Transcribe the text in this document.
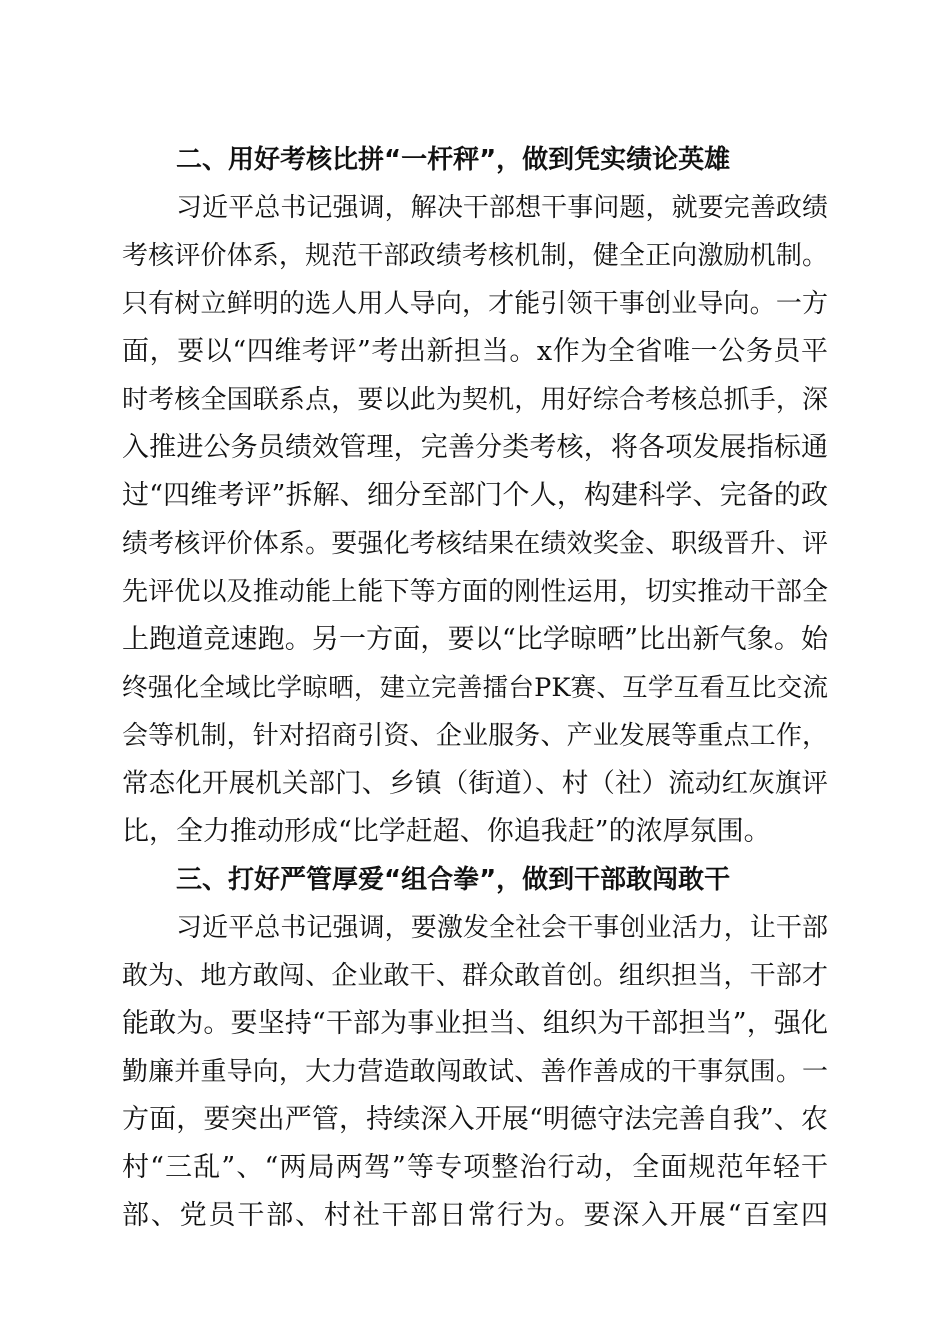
二、用好考核比拼“一杆秤”，做到凭实绩论英雄
习近平总书记强调，解决干部想干事问题，就要完善政绩
考核评价体系，规范干部政绩考核机制，健全正向激励机制。
只有树立鲜明的选人用人导向，才能引领干事创业导向。一方
面，要以“四维考评”考出新担当。x作为全省唯一公务员平
时考核全国联系点，要以此为契机，用好综合考核总抓手，深
入推进公务员绩效管理，完善分类考核，将各项发展指标通
过“四维考评”拆解、细分至部门个人，构建科学、完备的政
绩考核评价体系。要强化考核结果在绩效奖金、职级晋升、评
先评优以及推动能上能下等方面的刚性运用，切实推动干部全
上跑道竞速跑。另一方面，要以“比学晾晒”比出新气象。始
终强化全域比学晾晒，建立完善擂台PK赛、互学互看互比交流
会等机制，针对招商引资、企业服务、产业发展等重点工作，
常态化开展机关部门、乡镇（街道）、村（社）流动红灰旗评
比，全力推动形成“比学赶超、你追我赶”的浓厚氛围。
三、打好严管厚爱“组合拳”，做到干部敢闯敢干
习近平总书记强调，要激发全社会干事创业活力，让干部
敢为、地方敢闯、企业敢干、群众敢首创。组织担当，干部才
能敢为。要坚持“干部为事业担当、组织为干部担当”，强化
勤廉并重导向，大力营造敢闯敢试、善作善成的干事氛围。一
方面，要突出严管，持续深入开展“明德守法完善自我”、农
村“三乱”、“两局两驾”等专项整治行动，全面规范年轻干
部、党员干部、村社干部日常行为。要深入开展“百室四
